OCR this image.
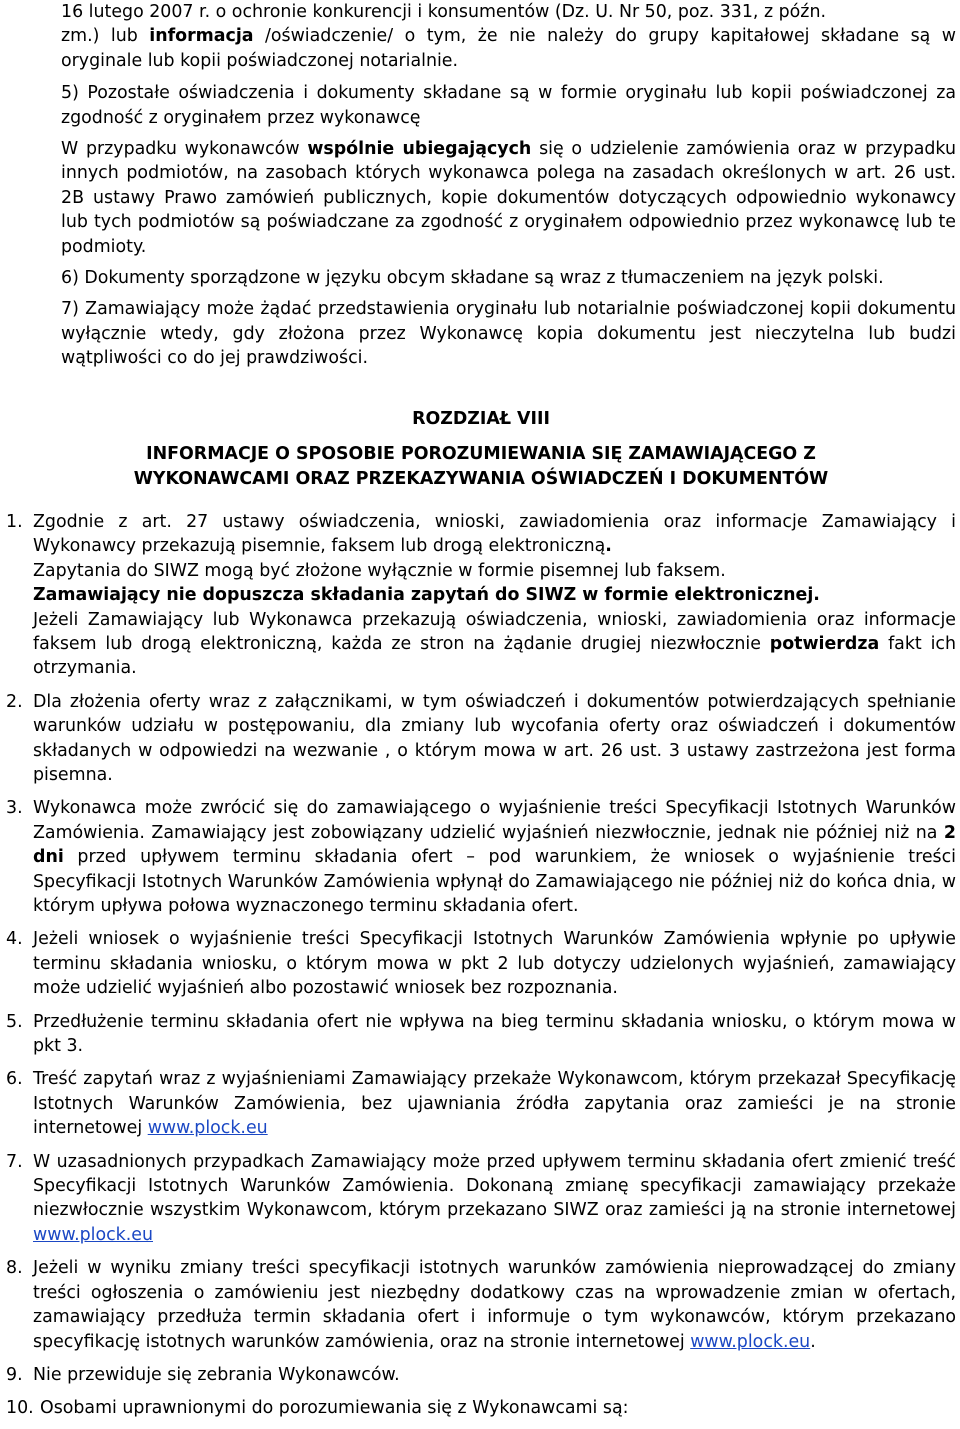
16 lutego 2007 r. o ochronie konkurencji i konsumentów (Dz. U. Nr 50, poz. 331, z późn.
zm.) lub informacja /oświadczenie/ o tym, że nie należy do grupy kapitałowej składane są w oryginale lub kopii poświadczonej notarialnie.

5) Pozostałe oświadczenia i dokumenty składane są w formie oryginału lub kopii poświadczonej za zgodność z oryginałem przez wykonawcę

W przypadku wykonawców wspólnie ubiegających się o udzielenie zamówienia oraz w przypadku innych podmiotów, na zasobach których wykonawca polega na zasadach określonych w art. 26 ust. 2B ustawy Prawo zamówień publicznych, kopie dokumentów dotyczących odpowiednio wykonawcy lub tych podmiotów są poświadczane za zgodność z oryginałem odpowiednio przez wykonawcę lub te podmioty.

6) Dokumenty sporządzone w języku obcym składane są wraz z tłumaczeniem na język polski.

7) Zamawiający może żądać przedstawienia oryginału lub notarialnie poświadczonej kopii dokumentu wyłącznie wtedy, gdy złożona przez Wykonawcę kopia dokumentu jest nieczytelna lub budzi wątpliwości co do jej prawdziwości.

ROZDZIAŁ VIII

INFORMACJE O SPOSOBIE POROZUMIEWANIA SIĘ ZAMAWIAJĄCEGO Z

WYKONAWCAMI ORAZ PRZEKAZYWANIA OŚWIADCZEŃ I DOKUMENTÓW

1. Zgodnie z art. 27 ustawy oświadczenia, wnioski, zawiadomienia oraz informacje Zamawiający i Wykonawcy przekazują pisemnie, faksem lub drogą elektroniczną.

Zapytania do SIWZ mogą być złożone wyłącznie w formie pisemnej lub faksem.

Zamawiający nie dopuszcza składania zapytań do SIWZ w formie elektronicznej.

Jeżeli Zamawiający lub Wykonawca przekazują oświadczenia, wnioski, zawiadomienia oraz informacje faksem lub drogą elektroniczną, każda ze stron na żądanie drugiej niezwłocznie potwierdza fakt ich otrzymania.

2. Dla złożenia oferty wraz z załącznikami, w tym oświadczeń i dokumentów potwierdzających spełnianie warunków udziału w postępowaniu, dla zmiany lub wycofania oferty oraz oświadczeń i dokumentów składanych w odpowiedzi na wezwanie , o którym mowa w art. 26 ust. 3 ustawy zastrzeżona jest forma pisemna.

3. Wykonawca może zwrócić się do zamawiającego o wyjaśnienie treści Specyfikacji Istotnych Warunków Zamówienia. Zamawiający jest zobowiązany udzielić wyjaśnień niezwłocznie, jednak nie później niż na 2 dni przed upływem terminu składania ofert – pod warunkiem, że wniosek o wyjaśnienie treści Specyfikacji Istotnych Warunków Zamówienia wpłynął do Zamawiającego nie później niż do końca dnia, w którym upływa połowa wyznaczonego terminu składania ofert.

4. Jeżeli wniosek o wyjaśnienie treści Specyfikacji Istotnych Warunków Zamówienia wpłynie po upływie terminu składania wniosku, o którym mowa w pkt 2 lub dotyczy udzielonych wyjaśnień, zamawiający może udzielić wyjaśnień albo pozostawić wniosek bez rozpoznania.

5. Przedłużenie terminu składania ofert nie wpływa na bieg terminu składania wniosku, o którym mowa w pkt 3.

6. Treść zapytań wraz z wyjaśnieniami Zamawiający przekaże Wykonawcom, którym przekazał Specyfikację Istotnych Warunków Zamówienia, bez ujawniania źródła zapytania oraz zamieści je na stronie internetowej www.plock.eu

7. W uzasadnionych przypadkach Zamawiający może przed upływem terminu składania ofert zmienić treść Specyfikacji Istotnych Warunków Zamówienia. Dokonaną zmianę specyfikacji zamawiający przekaże niezwłocznie wszystkim Wykonawcom, którym przekazano SIWZ oraz zamieści ją na stronie internetowej www.plock.eu

8. Jeżeli w wyniku zmiany treści specyfikacji istotnych warunków zamówienia nieprowadzącej do zmiany treści ogłoszenia o zamówieniu jest niezbędny dodatkowy czas na wprowadzenie zmian w ofertach, zamawiający przedłuża termin składania ofert i informuje o tym wykonawców, którym przekazano specyfikację istotnych warunków zamówienia, oraz na stronie internetowej www.plock.eu.

9. Nie przewiduje się zebrania Wykonawców.

10. Osobami uprawnionymi do porozumiewania się z Wykonawcami są:
